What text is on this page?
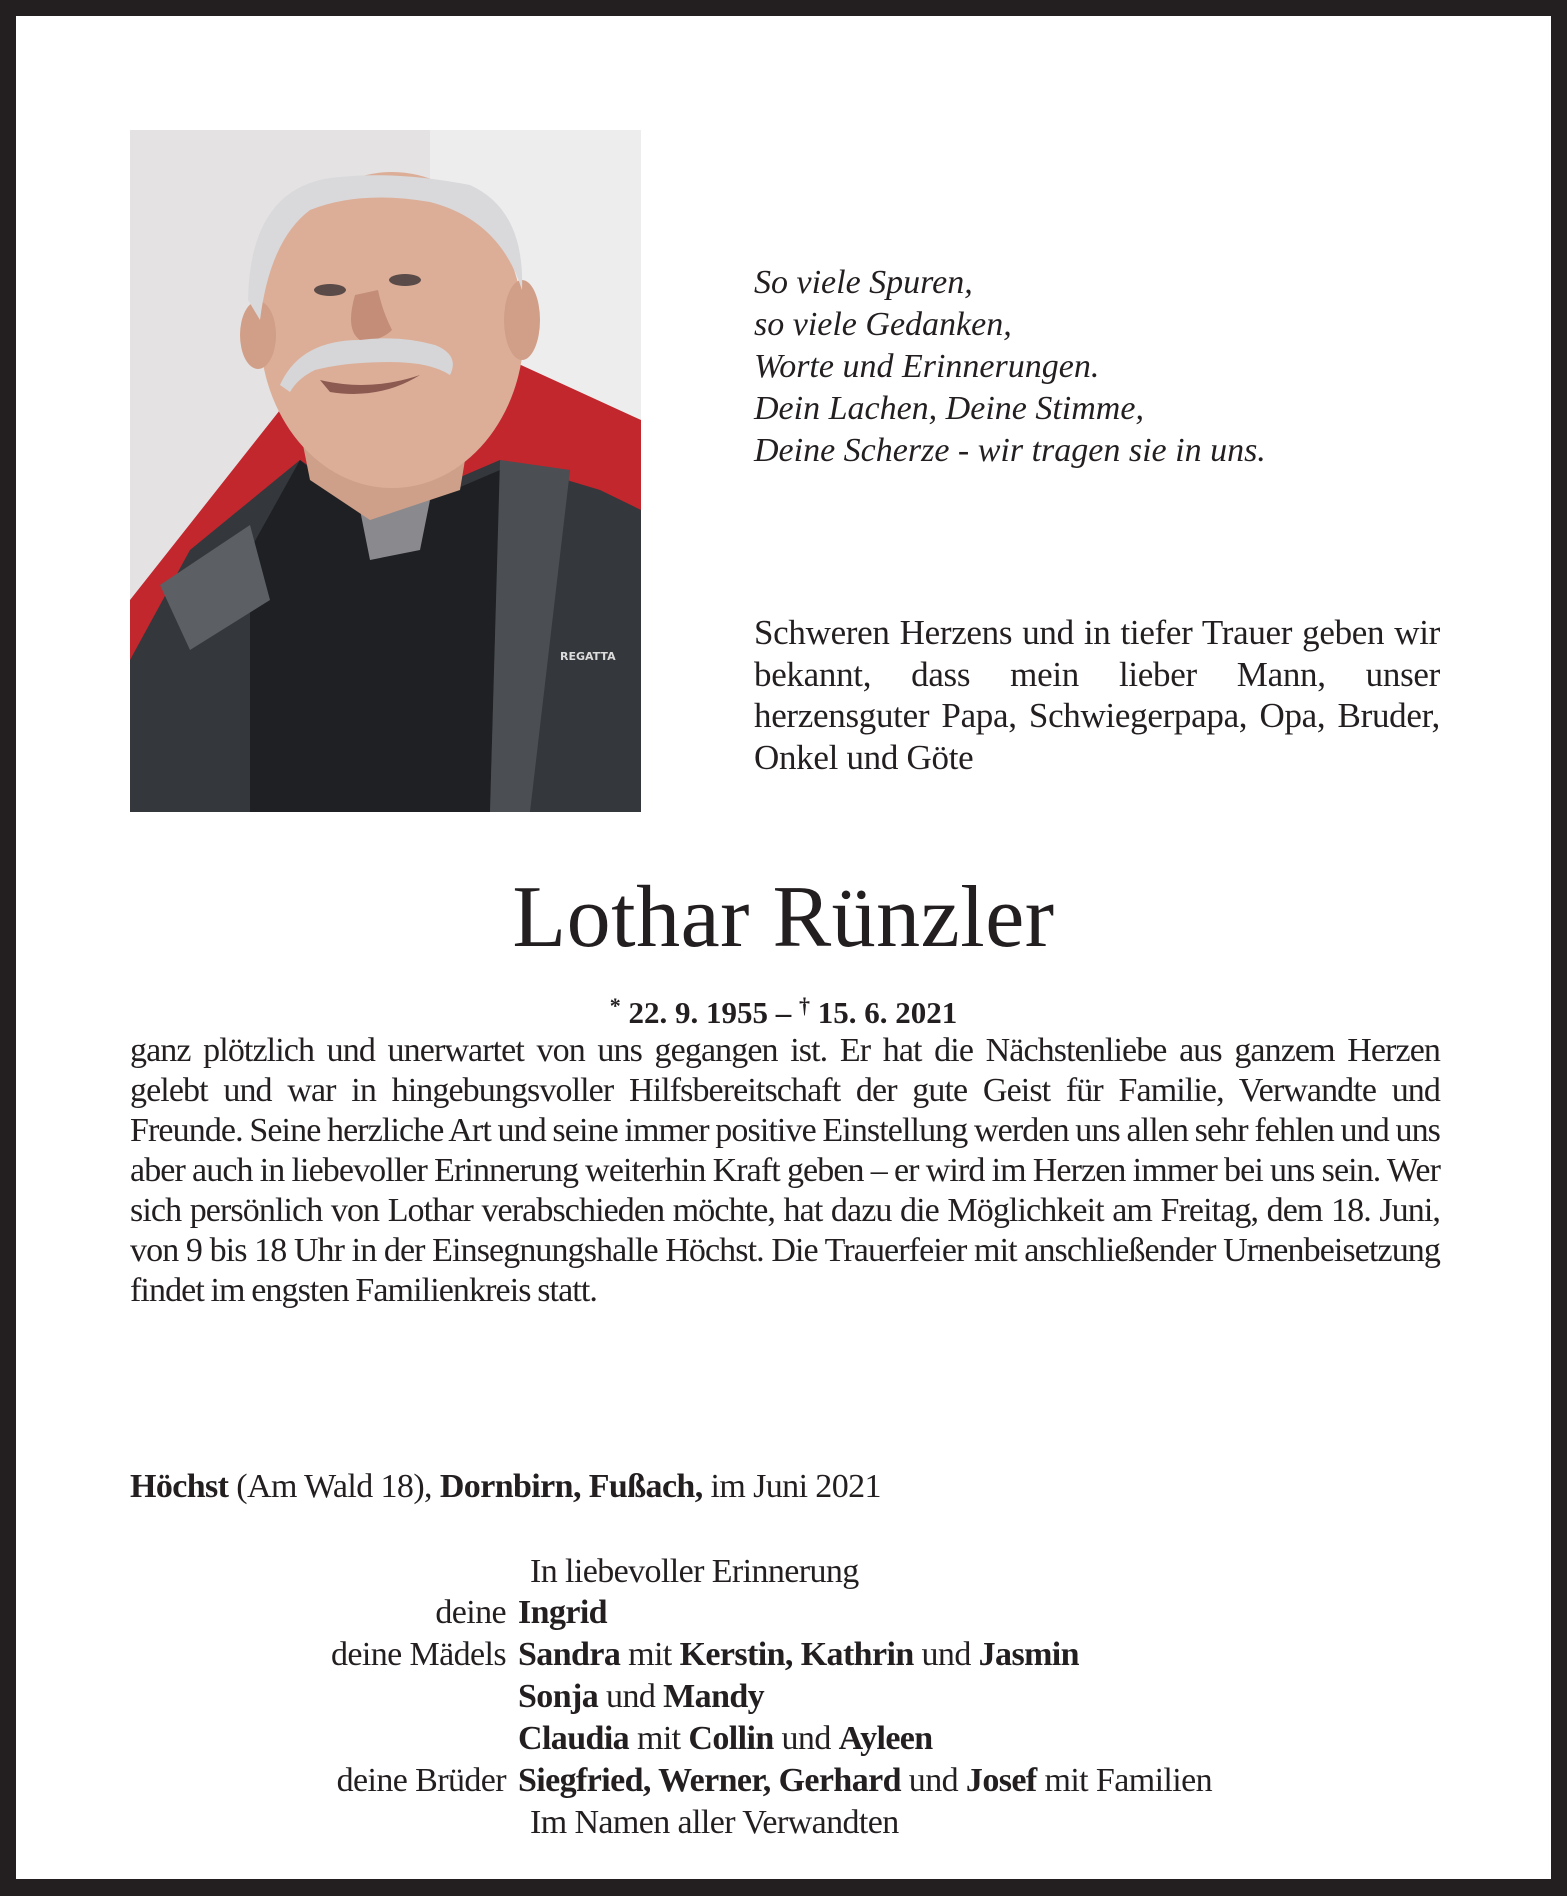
REGATTA
So viele Spuren,
so viele Gedanken,
Worte und Erinnerungen.
Dein Lachen, Deine Stimme,
Deine Scherze - wir tragen sie in uns.
Schweren Herzens und in tiefer Trauer geben wir bekannt, dass mein lieber Mann, unser herzensguter Papa, Schwiegerpapa, Opa, Bruder, Onkel und Göte
Lothar Rünzler
* 22. 9. 1955 – † 15. 6. 2021
ganz plötzlich und unerwartet von uns gegangen ist. Er hat die Nächstenliebe aus ganzem Herzen gelebt und war in hingebungsvoller Hilfsbereitschaft der gute Geist für Familie, Verwandte und Freunde. Seine herzliche Art und seine immer positive Einstellung werden uns allen sehr fehlen und uns aber auch in liebevoller Erinnerung weiterhin Kraft geben – er wird im Herzen immer bei uns sein. Wer sich persönlich von Lothar verabschieden möchte, hat dazu die Möglichkeit am Freitag, dem 18. Juni, von 9 bis 18 Uhr in der Einsegnungshalle Höchst. Die Trauerfeier mit anschließender Urnenbeisetzung findet im engsten Familienkreis statt.
Höchst (Am Wald 18), Dornbirn, Fußach, im Juni 2021
In liebevoller Erinnerung
deine Ingrid
deine Mädels Sandra mit Kerstin, Kathrin und Jasmin
Sonja und Mandy
Claudia mit Collin und Ayleen
deine Brüder Siegfried, Werner, Gerhard und Josef mit Familien
Im Namen aller Verwandten
